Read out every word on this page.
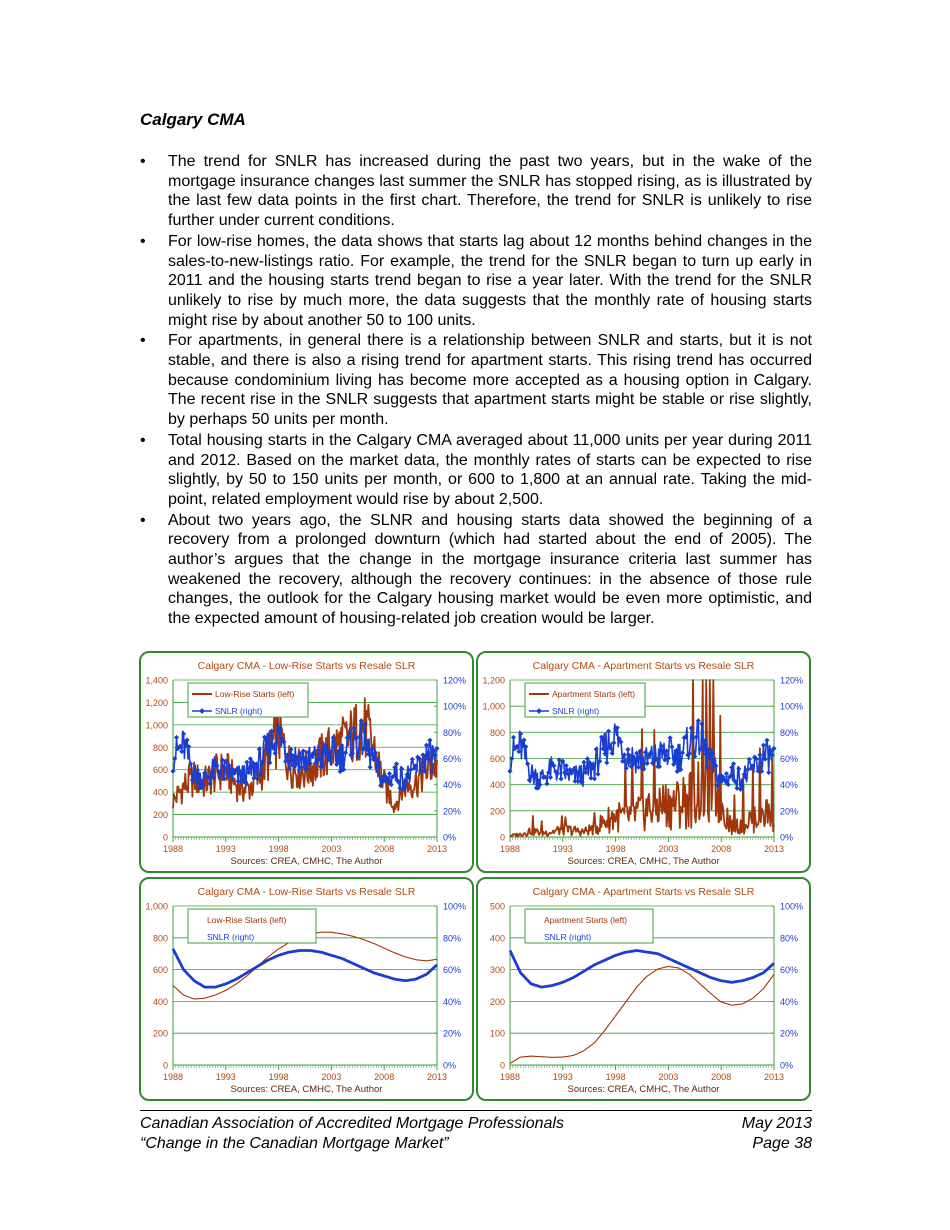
Calgary CMA
• The trend for SNLR has increased during the past two years, but in the wake of the mortgage insurance changes last summer the SNLR has stopped rising, as is illustrated by the last few data points in the first chart. Therefore, the trend for SNLR is unlikely to rise further under current conditions.
• For low-rise homes, the data shows that starts lag about 12 months behind changes in the sales-to-new-listings ratio. For example, the trend for the SNLR began to turn up early in 2011 and the housing starts trend began to rise a year later. With the trend for the SNLR unlikely to rise by much more, the data suggests that the monthly rate of housing starts might rise by about another 50 to 100 units.
• For apartments, in general there is a relationship between SNLR and starts, but it is not stable, and there is also a rising trend for apartment starts. This rising trend has occurred because condominium living has become more accepted as a housing option in Calgary. The recent rise in the SNLR suggests that apartment starts might be stable or rise slightly, by perhaps 50 units per month.
• Total housing starts in the Calgary CMA averaged about 11,000 units per year during 2011 and 2012. Based on the market data, the monthly rates of starts can be expected to rise slightly, by 50 to 150 units per month, or 600 to 1,800 at an annual rate. Taking the mid-point, related employment would rise by about 2,500.
• About two years ago, the SLNR and housing starts data showed the beginning of a recovery from a prolonged downturn (which had started about the end of 2005). The author’s argues that the change in the mortgage insurance criteria last summer has weakened the recovery, although the recovery continues: in the absence of those rule changes, the outlook for the Calgary housing market would be even more optimistic, and the expected amount of housing-related job creation would be larger.
Calgary CMA - Low-Rise Starts vs Resale SLR
0
200
400
600
800
1,000
1,200
1,400
0%
20%
40%
60%
80%
100%
120%
1988	1993	1998	2003	2008	2013
Low-Rise Starts (left)
SNLR (right)
Sources: CREA, CMHC, The Author
Calgary CMA - Apartment Starts vs Resale SLR
0
200
400
600
800
1,000
1,200
0%
20%
40%
60%
80%
100%
120%
1988	1993	1998	2003	2008	2013
Apartment Starts (left)
SNLR (right)
Sources: CREA, CMHC, The Author
Calgary CMA - Low-Rise Starts vs Resale SLR
0
200
400
600
800
1,000
0%
20%
40%
60%
80%
100%
1988	1993	1998	2003	2008	2013
Low-Rise Starts (left)
SNLR (right)
Sources: CREA, CMHC, The Author
Calgary CMA - Apartment Starts vs Resale SLR
0
100
200
300
400
500
0%
20%
40%
60%
80%
100%
1988	1993	1998	2003	2008	2013
Apartment Starts (left)
SNLR (right)
Sources: CREA, CMHC, The Author
Canadian Association of Accredited Mortgage Professionals	May 2013
“Change in the Canadian Mortgage Market”	Page 38
